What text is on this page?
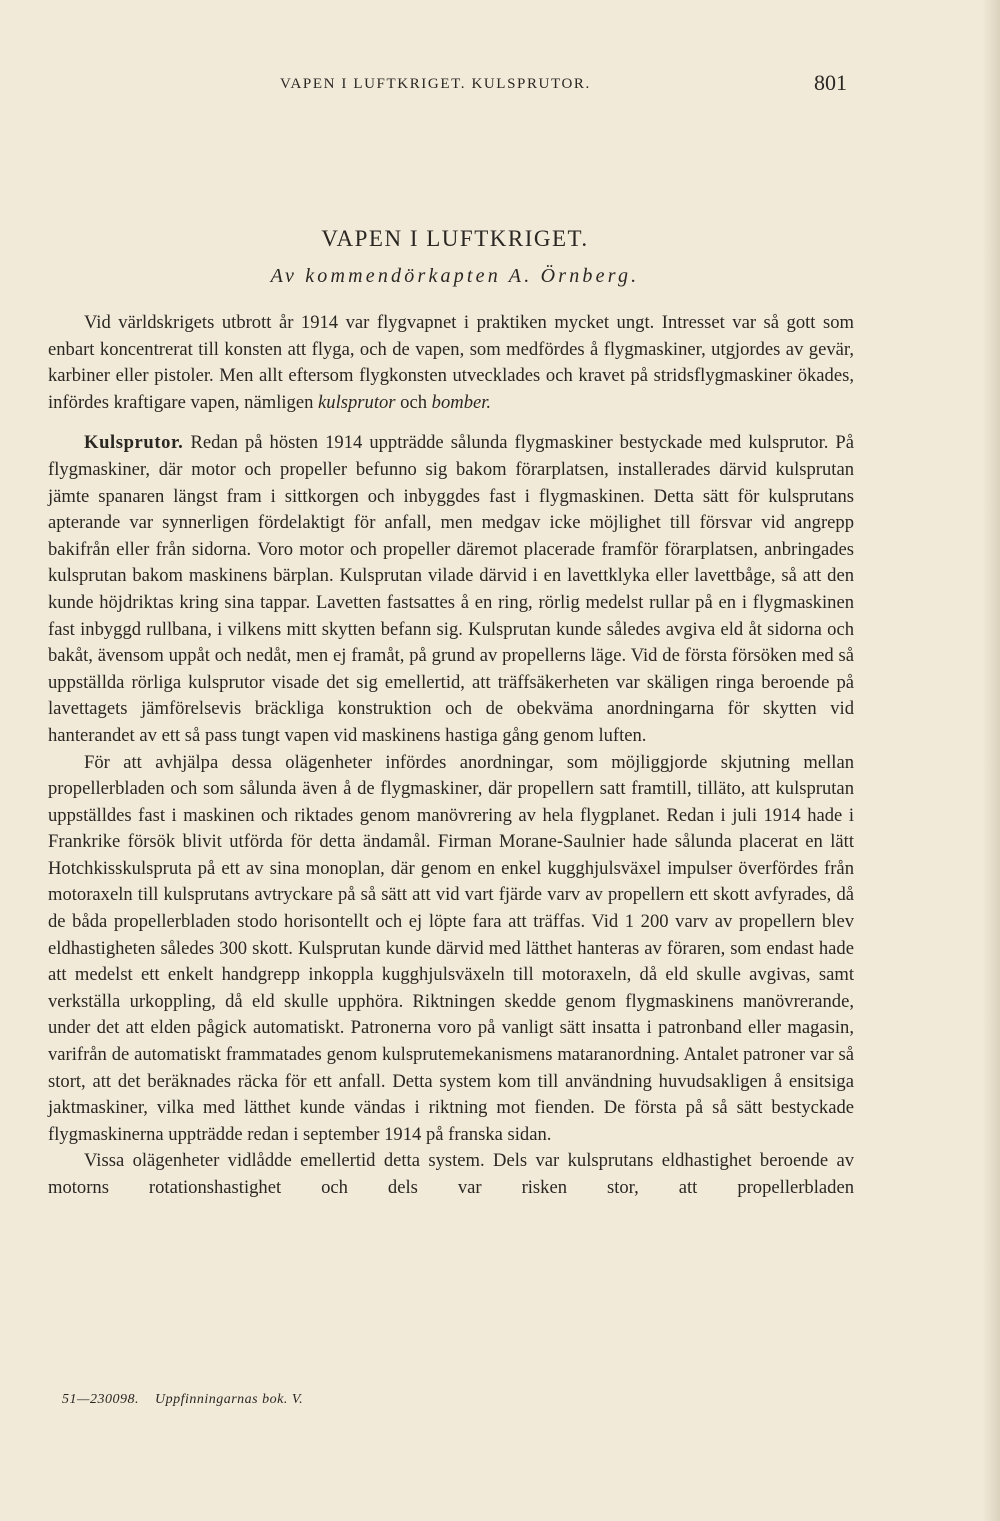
VAPEN I LUFTKRIGET. KULSPRUTOR.	801
VAPEN I LUFTKRIGET.
Av kommendörkapten A. Örnberg.

Vid världskrigets utbrott år 1914 var flygvapnet i praktiken mycket ungt. Intresset var så gott som enbart koncentrerat till konsten att flyga, och de vapen, som medfördes å flygmaskiner, utgjordes av gevär, karbiner eller pistoler. Men allt eftersom flygkonsten utvecklades och kravet på stridsflygmaskiner ökades, infördes kraftigare vapen, nämligen kulsprutor och bomber.

Kulsprutor. Redan på hösten 1914 uppträdde sålunda flygmaskiner bestyckade med kulsprutor. På flygmaskiner, där motor och propeller befunno sig bakom förarplatsen, installerades därvid kulsprutan jämte spanaren längst fram i sittkorgen och inbyggdes fast i flygmaskinen. Detta sätt för kulsprutans apterande var synnerligen fördelaktigt för anfall, men medgav icke möjlighet till försvar vid angrepp bakifrån eller från sidorna. Voro motor och propeller däremot placerade framför förarplatsen, anbringades kulsprutan bakom maskinens bärplan. Kulsprutan vilade därvid i en lavettklyka eller lavettbåge, så att den kunde höjdriktas kring sina tappar. Lavetten fastsattes å en ring, rörlig medelst rullar på en i flygmaskinen fast inbyggd rullbana, i vilkens mitt skytten befann sig. Kulsprutan kunde således avgiva eld åt sidorna och bakåt, ävensom uppåt och nedåt, men ej framåt, på grund av propellerns läge. Vid de första försöken med så uppställda rörliga kulsprutor visade det sig emellertid, att träffsäkerheten var skäligen ringa beroende på lavettagets jämförelsevis bräckliga konstruktion och de obekväma anordningarna för skytten vid hanterandet av ett så pass tungt vapen vid maskinens hastiga gång genom luften.

För att avhjälpa dessa olägenheter infördes anordningar, som möjliggjorde skjutning mellan propellerbladen och som sålunda även å de flygmaskiner, där propellern satt framtill, tilläto, att kulsprutan uppställdes fast i maskinen och riktades genom manövrering av hela flygplanet. Redan i juli 1914 hade i Frankrike försök blivit utförda för detta ändamål. Firman Morane-Saulnier hade sålunda placerat en lätt Hotchkisskulspruta på ett av sina monoplan, där genom en enkel kugghjulsväxel impulser överfördes från motoraxeln till kulsprutans avtryckare på så sätt att vid vart fjärde varv av propellern ett skott avfyrades, då de båda propellerbladen stodo horisontellt och ej löpte fara att träffas. Vid 1 200 varv av propellern blev eldhastigheten således 300 skott. Kulsprutan kunde därvid med lätthet hanteras av föraren, som endast hade att medelst ett enkelt handgrepp inkoppla kugghjulsväxeln till motoraxeln, då eld skulle avgivas, samt verkställa urkoppling, då eld skulle upphöra. Riktningen skedde genom flygmaskinens manövrerande, under det att elden pågick automatiskt. Patronerna voro på vanligt sätt insatta i patronband eller magasin, varifrån de automatiskt frammatades genom kulsprutemekanismens mataranordning. Antalet patroner var så stort, att det beräknades räcka för ett anfall. Detta system kom till användning huvudsakligen å ensitsiga jaktmaskiner, vilka med lätthet kunde vändas i riktning mot fienden. De första på så sätt bestyckade flygmaskinerna uppträdde redan i september 1914 på franska sidan.

Vissa olägenheter vidlådde emellertid detta system. Dels var kulsprutans eldhastighet beroende av motorns rotationshastighet och dels var risken stor, att propellerbladen

51—230098. Uppfinningarnas bok. V.
